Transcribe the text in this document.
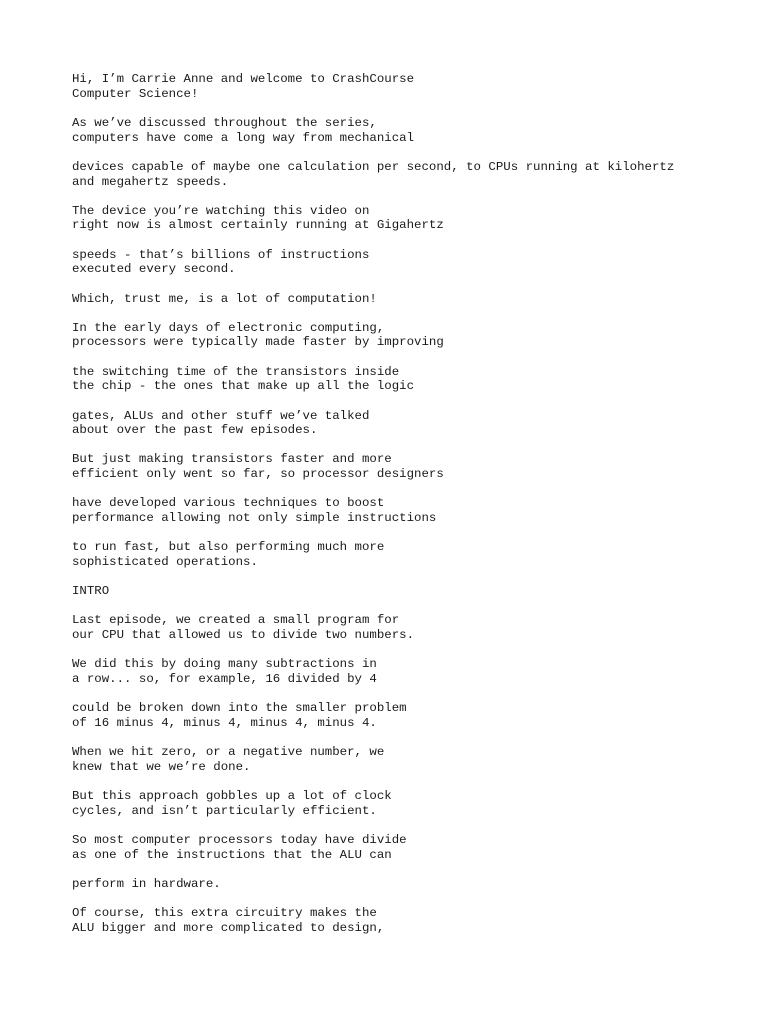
Hi, I’m Carrie Anne and welcome to CrashCourse
Computer Science!

As we’ve discussed throughout the series,
computers have come a long way from mechanical

devices capable of maybe one calculation per second, to CPUs running at kilohertz
and megahertz speeds.

The device you’re watching this video on
right now is almost certainly running at Gigahertz

speeds - that’s billions of instructions
executed every second.

Which, trust me, is a lot of computation!

In the early days of electronic computing,
processors were typically made faster by improving

the switching time of the transistors inside
the chip - the ones that make up all the logic

gates, ALUs and other stuff we’ve talked
about over the past few episodes.

But just making transistors faster and more
efficient only went so far, so processor designers

have developed various techniques to boost
performance allowing not only simple instructions

to run fast, but also performing much more
sophisticated operations.

INTRO

Last episode, we created a small program for
our CPU that allowed us to divide two numbers.

We did this by doing many subtractions in
a row... so, for example, 16 divided by 4

could be broken down into the smaller problem
of 16 minus 4, minus 4, minus 4, minus 4.

When we hit zero, or a negative number, we
knew that we we’re done.

But this approach gobbles up a lot of clock
cycles, and isn’t particularly efficient.

So most computer processors today have divide
as one of the instructions that the ALU can

perform in hardware.

Of course, this extra circuitry makes the
ALU bigger and more complicated to design,
